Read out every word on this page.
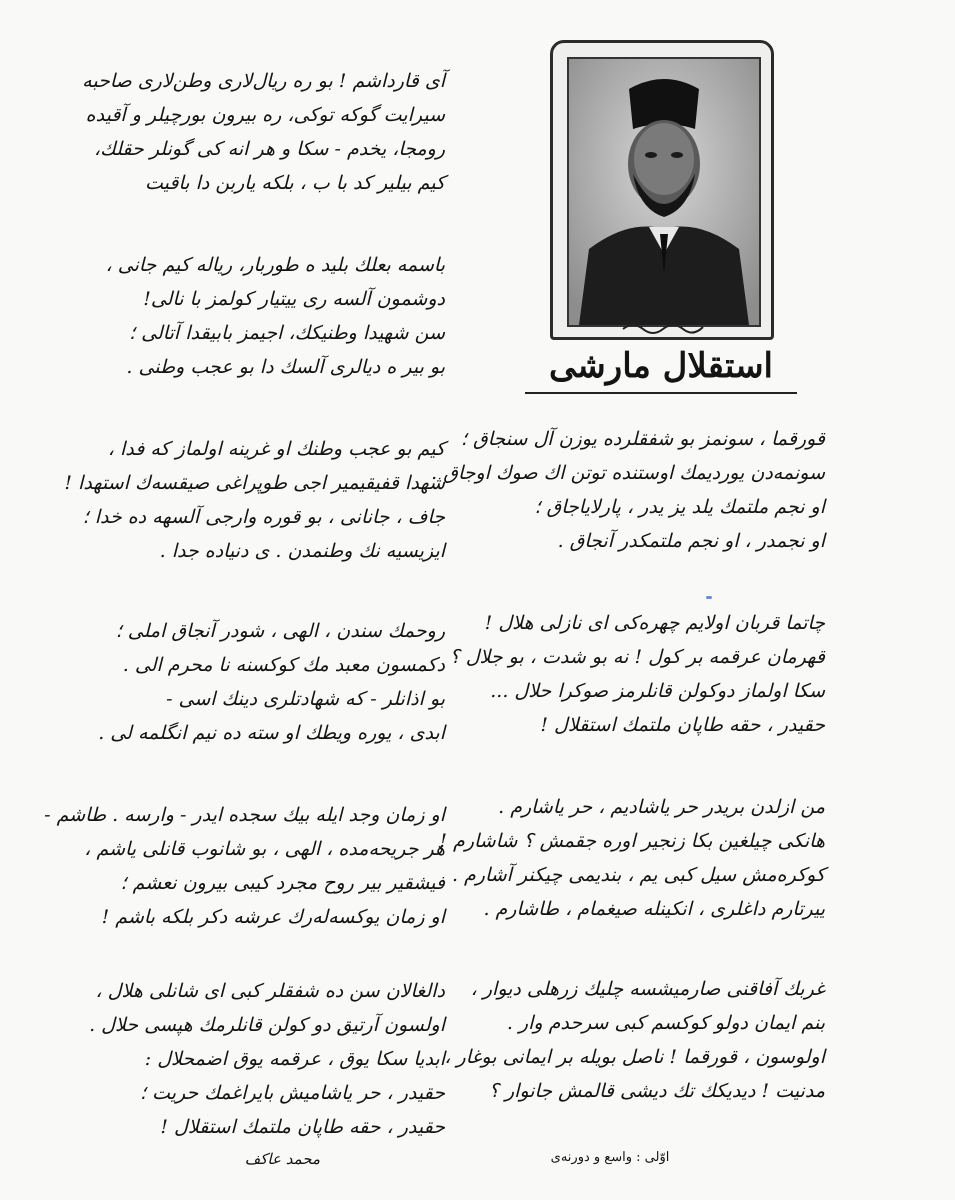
استقلال مارشی
آی قارداشم ! بو ره ریال‌لاری وطن‌لاری صاحبه
سیرایت گوکه توکی، ره بیرون بورچیلر و آقیده
رومجا، یخدم - سکا و هر انه کی گونلر حقلك،
کیم بیلیر کد با ب ، بلکه یاربن دا باقیت
باسمه بعلك بلید ه طوربار، ریاله کیم جانی ،
دوشمون آلسه ری ییتیار کولمز با نالی!
سن شهیدا وطنیکك، اجیمز بابیقدا آتالی ؛
بو بیر ه دیالری آلسك دا بو عجب وطنی .
کیم بو عجب وطنك او غرینه اولماز که فدا ،
شهدا قفیقیمیر اجی طوپراغی صیقسه‌ك استهدا !
جاف ، جانانی ، بو قوره وارجی آلسهه ده خدا ؛
ایزیسیه نك وطنمدن . ی دنیاده جدا .
روحمك سندن ، الهی ، شودر آنجاق املی ؛
دکمسون معبد مك کوکسنه نا محرم الی .
بو اذانلر - که شهادتلری دینك اسی -
ابدی ، یوره ویطك او سته ده نیم انگلمه لی .
او زمان وجد ایله بیك سجده ایدر - وارسه . طاشم -
هر جریحه‌مده ، الهی ، بو شانوب قانلی یاشم ،
فیشقیر بیر روح مجرد کیبی بیرون نعشم ؛
او زمان یوکسه‌له‌رك عرشه دکر بلکه باشم !
دالغالان سن ده شفقلر کبی ای شانلی هلال ،
اولسون آرتیق دو کولن قانلرمك هپسی حلال .
ابدیا سکا یوق ، عرقمه یوق اضمحلال :
حقیدر ، حر یاشامیش بایراغمك حریت ؛
حقیدر ، حقه طاپان ملتمك استقلال !
قورقما ، سونمز بو شفقلرده یوزن آل سنجاق ؛
سونمه‌دن یوردیمك اوستنده توتن اك صوك اوجاق .
او نجم ملتمك یلد یز یدر ، پارلایاجاق ؛
او نجمدر ، او نجم ملتمكدر آنجاق .
چاتما قربان اولایم چهره‌كی ای نازلی هلال !
قهرمان عرقمه بر كول ! نه بو شدت ، بو جلال ؟
سكا اولماز دوكولن قانلرمز صوکرا حلال ...
حقیدر ، حقه طاپان ملتمك استقلال !
من ازلدن بریدر حر یاشادیم ، حر یاشارم .
هانكی چیلغین بكا زنجیر اوره جقمش ؟ شاشارم !
کوکره‌مش سیل کبی یم ، بندیمی چیکنر آشارم .
ییرتارم داغلری ، انکینله صیغمام ، طاشارم .
غربك آفاقنی صارمیشسه چلیك زرهلی دیوار ،
بنم ایمان دولو کوکسم کبی سرحدم وار .
اولوسون ، قورقما ! ناصل بویله بر ایمانی بوغار ،
مدنیت ! دیدیکك تك دیشی قالمش جانوار ؟
محمد عاكف	اوّلی : واسع و دورنه‌ی
